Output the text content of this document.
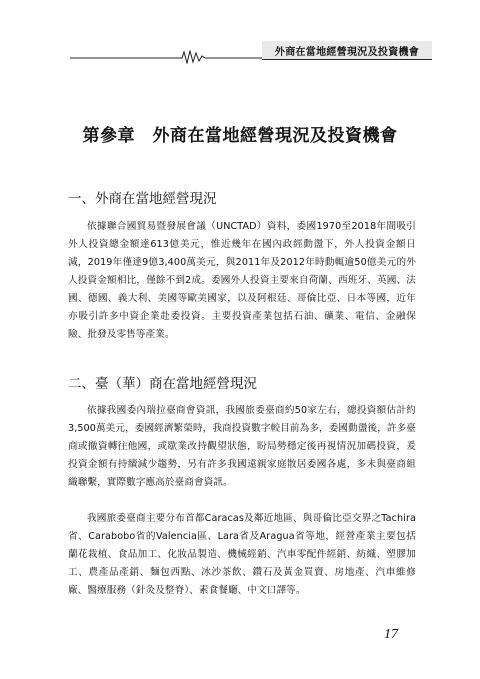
外商在當地經營現況及投資機會
第參章　外商在當地經營現況及投資機會
一、外商在當地經營現況

依據聯合國貿易暨發展會議（UNCTAD）資料，委國1970至2018年間吸引外人投資總金額達613億美元，惟近幾年在國內政經動盪下，外人投資金額日減，2019年僅達9億3,400萬美元，與2011年及2012年時動輒逾50億美元的外人投資金額相比，僅餘不到2成。委國外人投資主要來自荷蘭、西班牙、英國、法國、德國、義大利、美國等歐美國家，以及阿根廷、哥倫比亞、日本等國，近年亦吸引許多中資企業赴委投資。主要投資產業包括石油、礦業、電信、金融保險、批發及零售等產業。

二、臺（華）商在當地經營現況

依據我國委內瑞拉臺商會資訊，我國旅委臺商約50家左右，總投資額估計約3,500萬美元，委國經濟繁榮時，我商投資數字較目前為多，委國動盪後，許多臺商或撤資轉往他國，或歇業改持觀望狀態，盼局勢穩定後再視情況加碼投資，爰投資金額有持續減少趨勢，另有許多我國遠親家庭散居委國各處，多未與臺商組織聯繫，實際數字應高於臺商會資訊。

我國旅委臺商主要分布首都Caracas及鄰近地區、與哥倫比亞交界之Tachira省、Carabobo省的Valencia區、Lara省及Aragua省等地，經營產業主要包括蘭花栽植、食品加工、化妝品製造、機械經銷、汽車零配件經銷、紡織、塑膠加工、農產品產銷、麵包西點、冰沙茶飲、鑽石及黃金買賣、房地產、汽車維修廠、醫療服務（針灸及整脊）、素食餐廳、中文口譯等。

17
